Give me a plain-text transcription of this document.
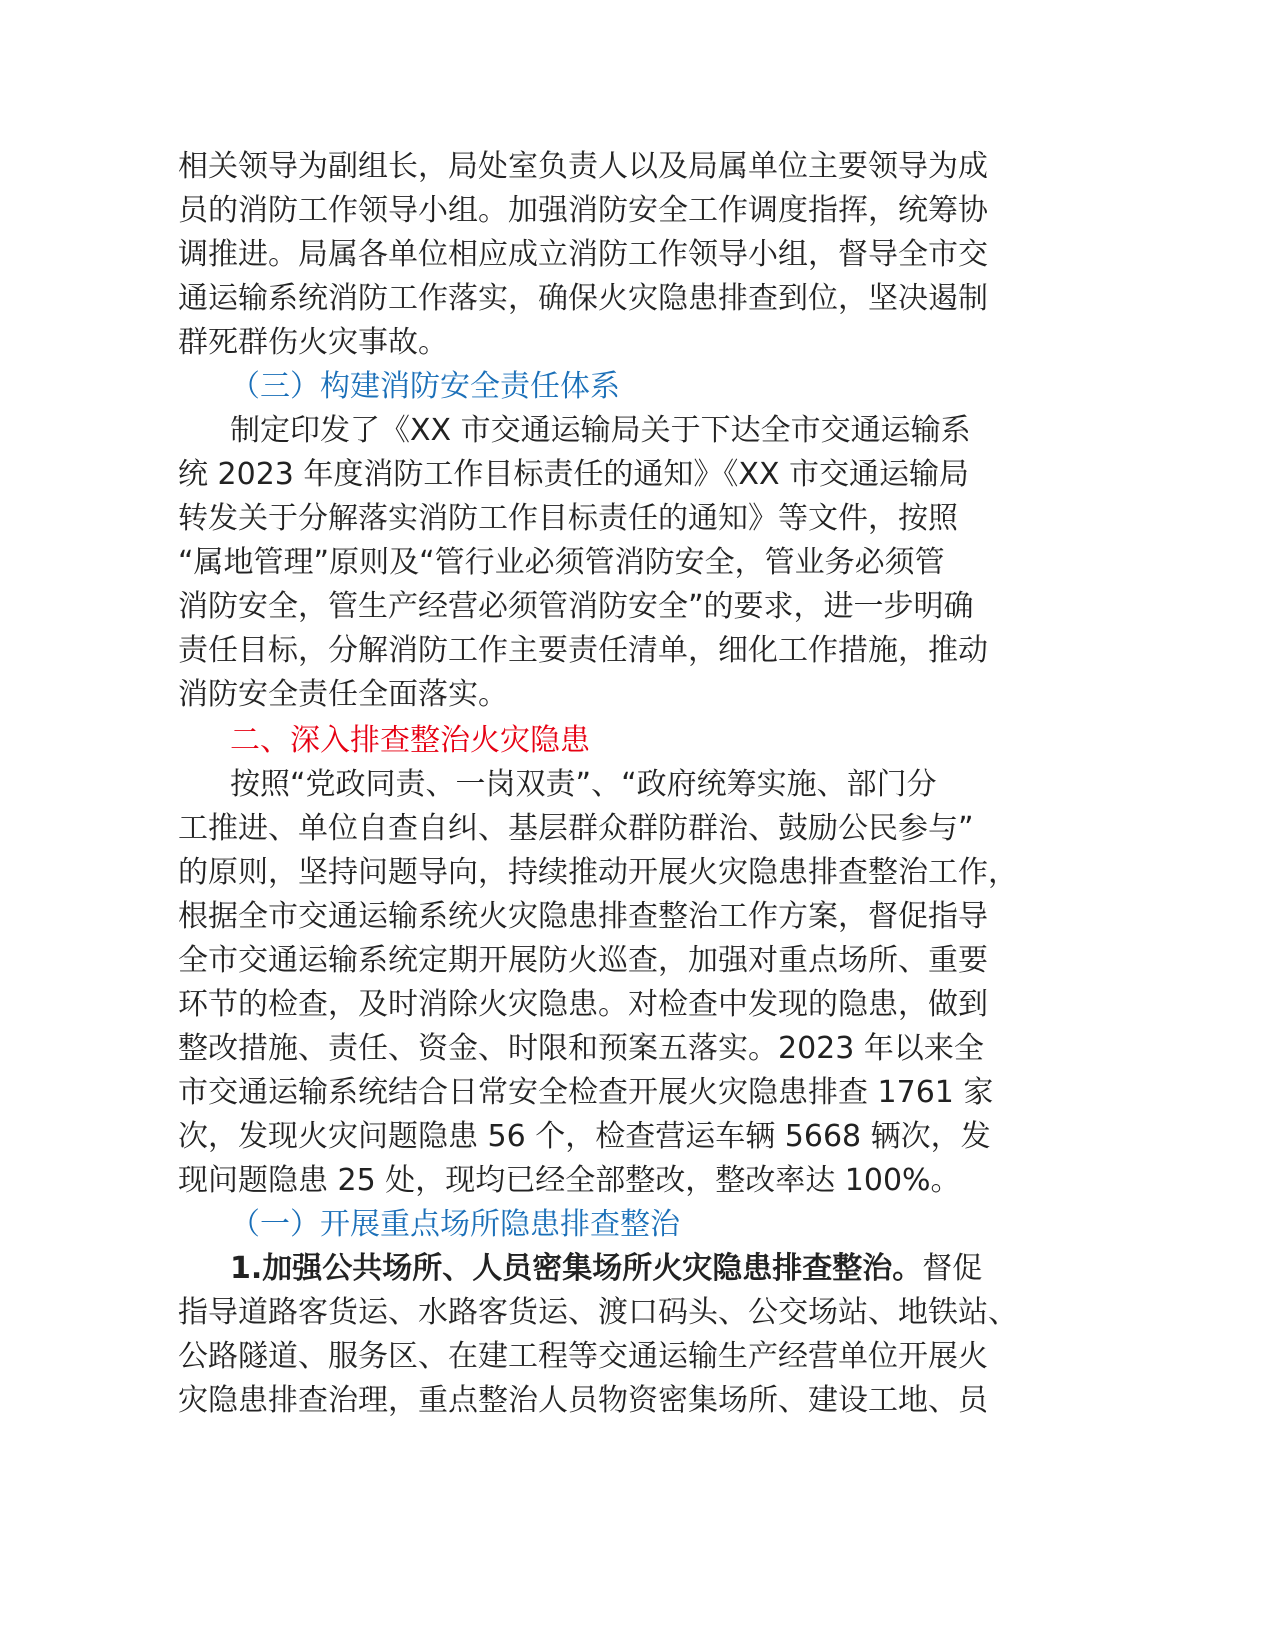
相关领导为副组长，局处室负责人以及局属单位主要领导为成
员的消防工作领导小组。加强消防安全工作调度指挥，统筹协
调推进。局属各单位相应成立消防工作领导小组，督导全市交
通运输系统消防工作落实，确保火灾隐患排查到位，坚决遏制
群死群伤火灾事故。
（三）构建消防安全责任体系
制定印发了《XX 市交通运输局关于下达全市交通运输系
统 2023 年度消防工作目标责任的通知》《XX 市交通运输局
转发关于分解落实消防工作目标责任的通知》等文件，按照
“属地管理”原则及“管行业必须管消防安全，管业务必须管
消防安全，管生产经营必须管消防安全”的要求，进一步明确
责任目标，分解消防工作主要责任清单，细化工作措施，推动
消防安全责任全面落实。
二、深入排查整治火灾隐患
按照“党政同责、一岗双责”、“政府统筹实施、部门分
工推进、单位自查自纠、基层群众群防群治、鼓励公民参与”
的原则，坚持问题导向，持续推动开展火灾隐患排查整治工作，
根据全市交通运输系统火灾隐患排查整治工作方案，督促指导
全市交通运输系统定期开展防火巡查，加强对重点场所、重要
环节的检查，及时消除火灾隐患。对检查中发现的隐患，做到
整改措施、责任、资金、时限和预案五落实。2023 年以来全
市交通运输系统结合日常安全检查开展火灾隐患排查 1761 家
次，发现火灾问题隐患 56 个，检查营运车辆 5668 辆次，发
现问题隐患 25 处，现均已经全部整改，整改率达 100%。
（一）开展重点场所隐患排查整治
1.加强公共场所、人员密集场所火灾隐患排查整治。督促
指导道路客货运、水路客货运、渡口码头、公交场站、地铁站、
公路隧道、服务区、在建工程等交通运输生产经营单位开展火
灾隐患排查治理，重点整治人员物资密集场所、建设工地、员
